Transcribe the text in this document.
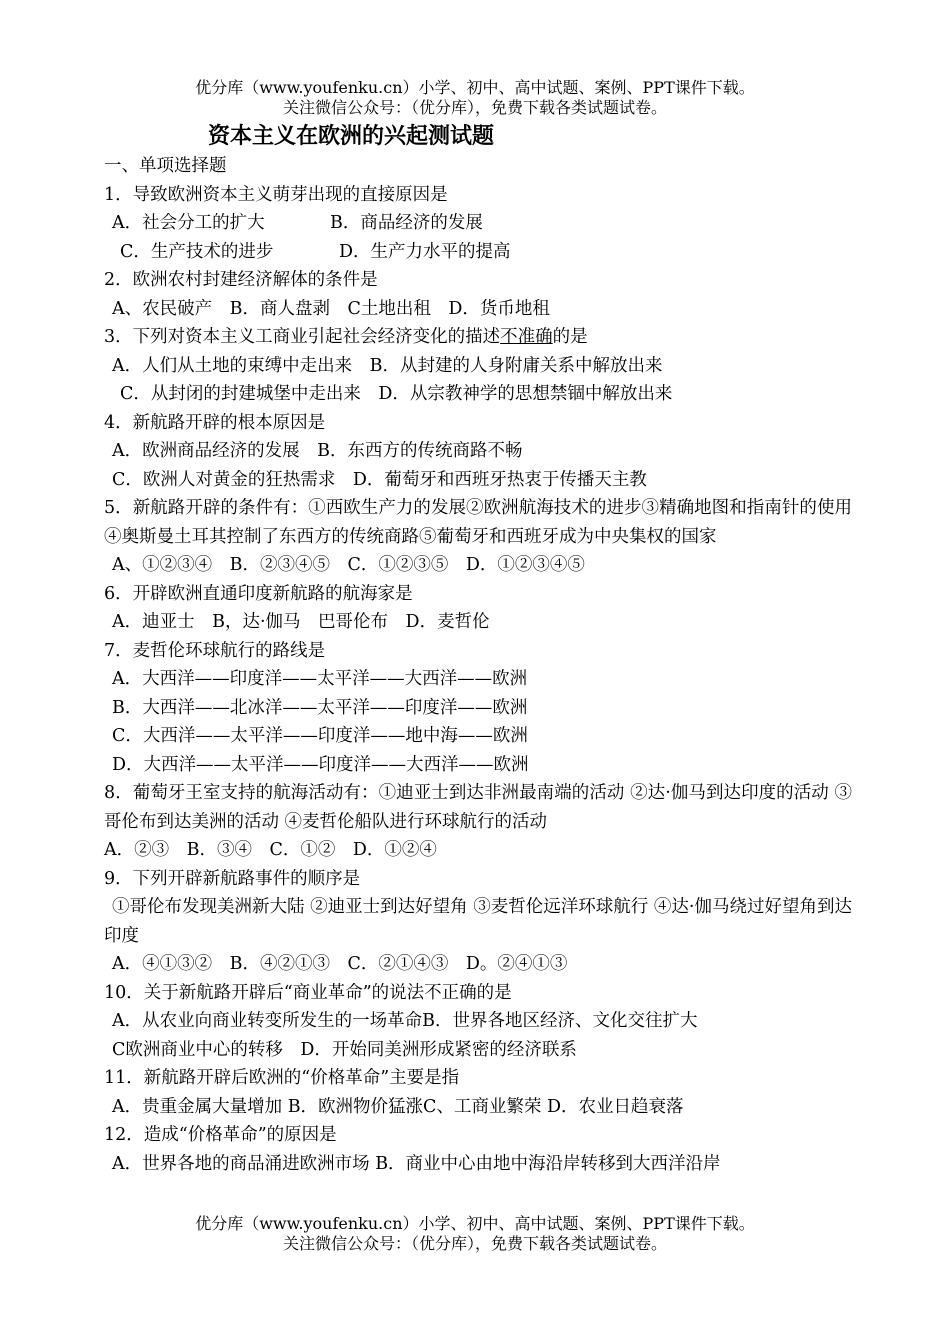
优分库（www.youfenku.cn）小学、初中、高中试题、案例、PPT课件下载。
关注微信公众号：（优分库），免费下载各类试题试卷。
资本主义在欧洲的兴起测试题
一、单项选择题
1．导致欧洲资本主义萌芽出现的直接原因是
A．社会分工的扩大	B．商品经济的发展
C．生产技术的进步	D．生产力水平的提高
2．欧洲农村封建经济解体的条件是
A、农民破产　B．商人盘剥　C土地出租　D．货币地租
3．下列对资本主义工商业引起社会经济变化的描述不准确的是
A．人们从土地的束缚中走出来　B．从封建的人身附庸关系中解放出来
C．从封闭的封建城堡中走出来　D．从宗教神学的思想禁锢中解放出来
4．新航路开辟的根本原因是
A．欧洲商品经济的发展　B．东西方的传统商路不畅
C．欧洲人对黄金的狂热需求　D．葡萄牙和西班牙热衷于传播天主教
5．新航路开辟的条件有：①西欧生产力的发展②欧洲航海技术的进步③精确地图和指南针的使用④奥斯曼土耳其控制了东西方的传统商路⑤葡萄牙和西班牙成为中央集权的国家
A、①②③④　B．②③④⑤　C．①②③⑤　D．①②③④⑤
6．开辟欧洲直通印度新航路的航海家是
A．迪亚士　B，达·伽马　巴哥伦布　D．麦哲伦
7．麦哲伦环球航行的路线是
A．大西洋——印度洋——太平洋——大西洋——欧洲
B．大西洋——北冰洋——太平洋——印度洋——欧洲
C．大西洋——太平洋——印度洋——地中海——欧洲
D．大西洋——太平洋——印度洋——大西洋——欧洲
8．葡萄牙王室支持的航海活动有：①迪亚士到达非洲最南端的活动 ②达·伽马到达印度的活动 ③哥伦布到达美洲的活动 ④麦哲伦船队进行环球航行的活动
A．②③　B．③④　C．①②　D．①②④
9．下列开辟新航路事件的顺序是
①哥伦布发现美洲新大陆 ②迪亚士到达好望角 ③麦哲伦远洋环球航行 ④达·伽马绕过好望角到达印度
A．④①③②　B．④②①③　C．②①④③　D。②④①③
10．关于新航路开辟后“商业革命”的说法不正确的是
A．从农业向商业转变所发生的一场革命B．世界各地区经济、文化交往扩大
C欧洲商业中心的转移　D．开始同美洲形成紧密的经济联系
11．新航路开辟后欧洲的“价格革命”主要是指
A．贵重金属大量增加 B．欧洲物价猛涨C、工商业繁荣 D．农业日趋衰落
12．造成“价格革命”的原因是
A．世界各地的商品涌进欧洲市场 B．商业中心由地中海沿岸转移到大西洋沿岸
优分库（www.youfenku.cn）小学、初中、高中试题、案例、PPT课件下载。
关注微信公众号：（优分库），免费下载各类试题试卷。
